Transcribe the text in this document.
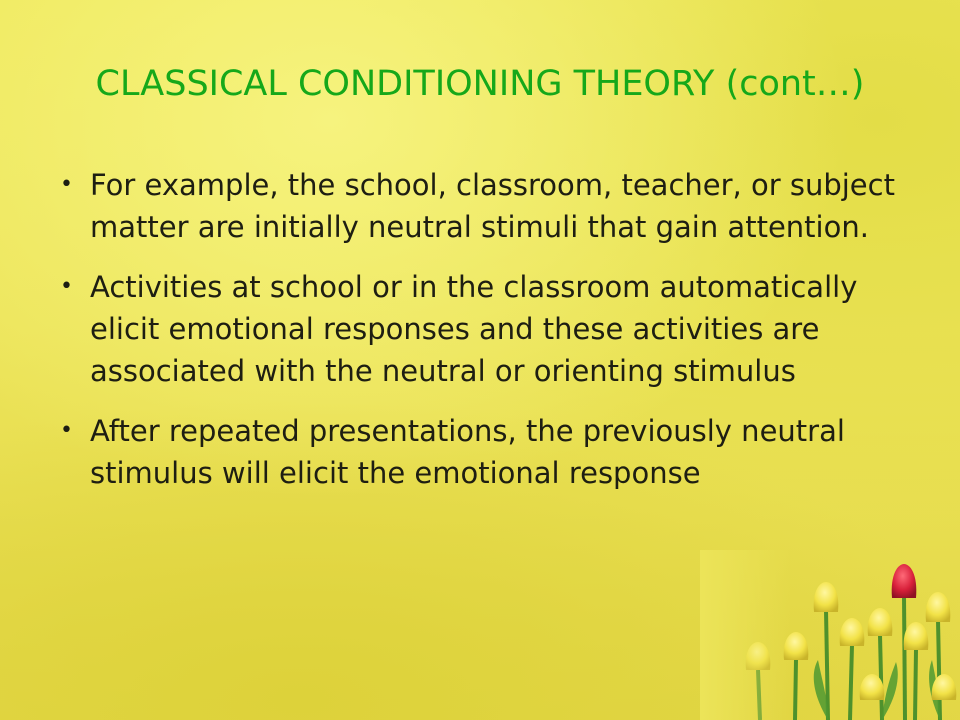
CLASSICAL CONDITIONING THEORY (cont…)
• For example, the school, classroom, teacher, or subject matter are initially neutral stimuli that gain attention.
• Activities at school or in the classroom automatically elicit emotional responses and these activities are associated with the neutral or orienting stimulus
• After repeated presentations, the previously neutral stimulus will elicit the emotional response
